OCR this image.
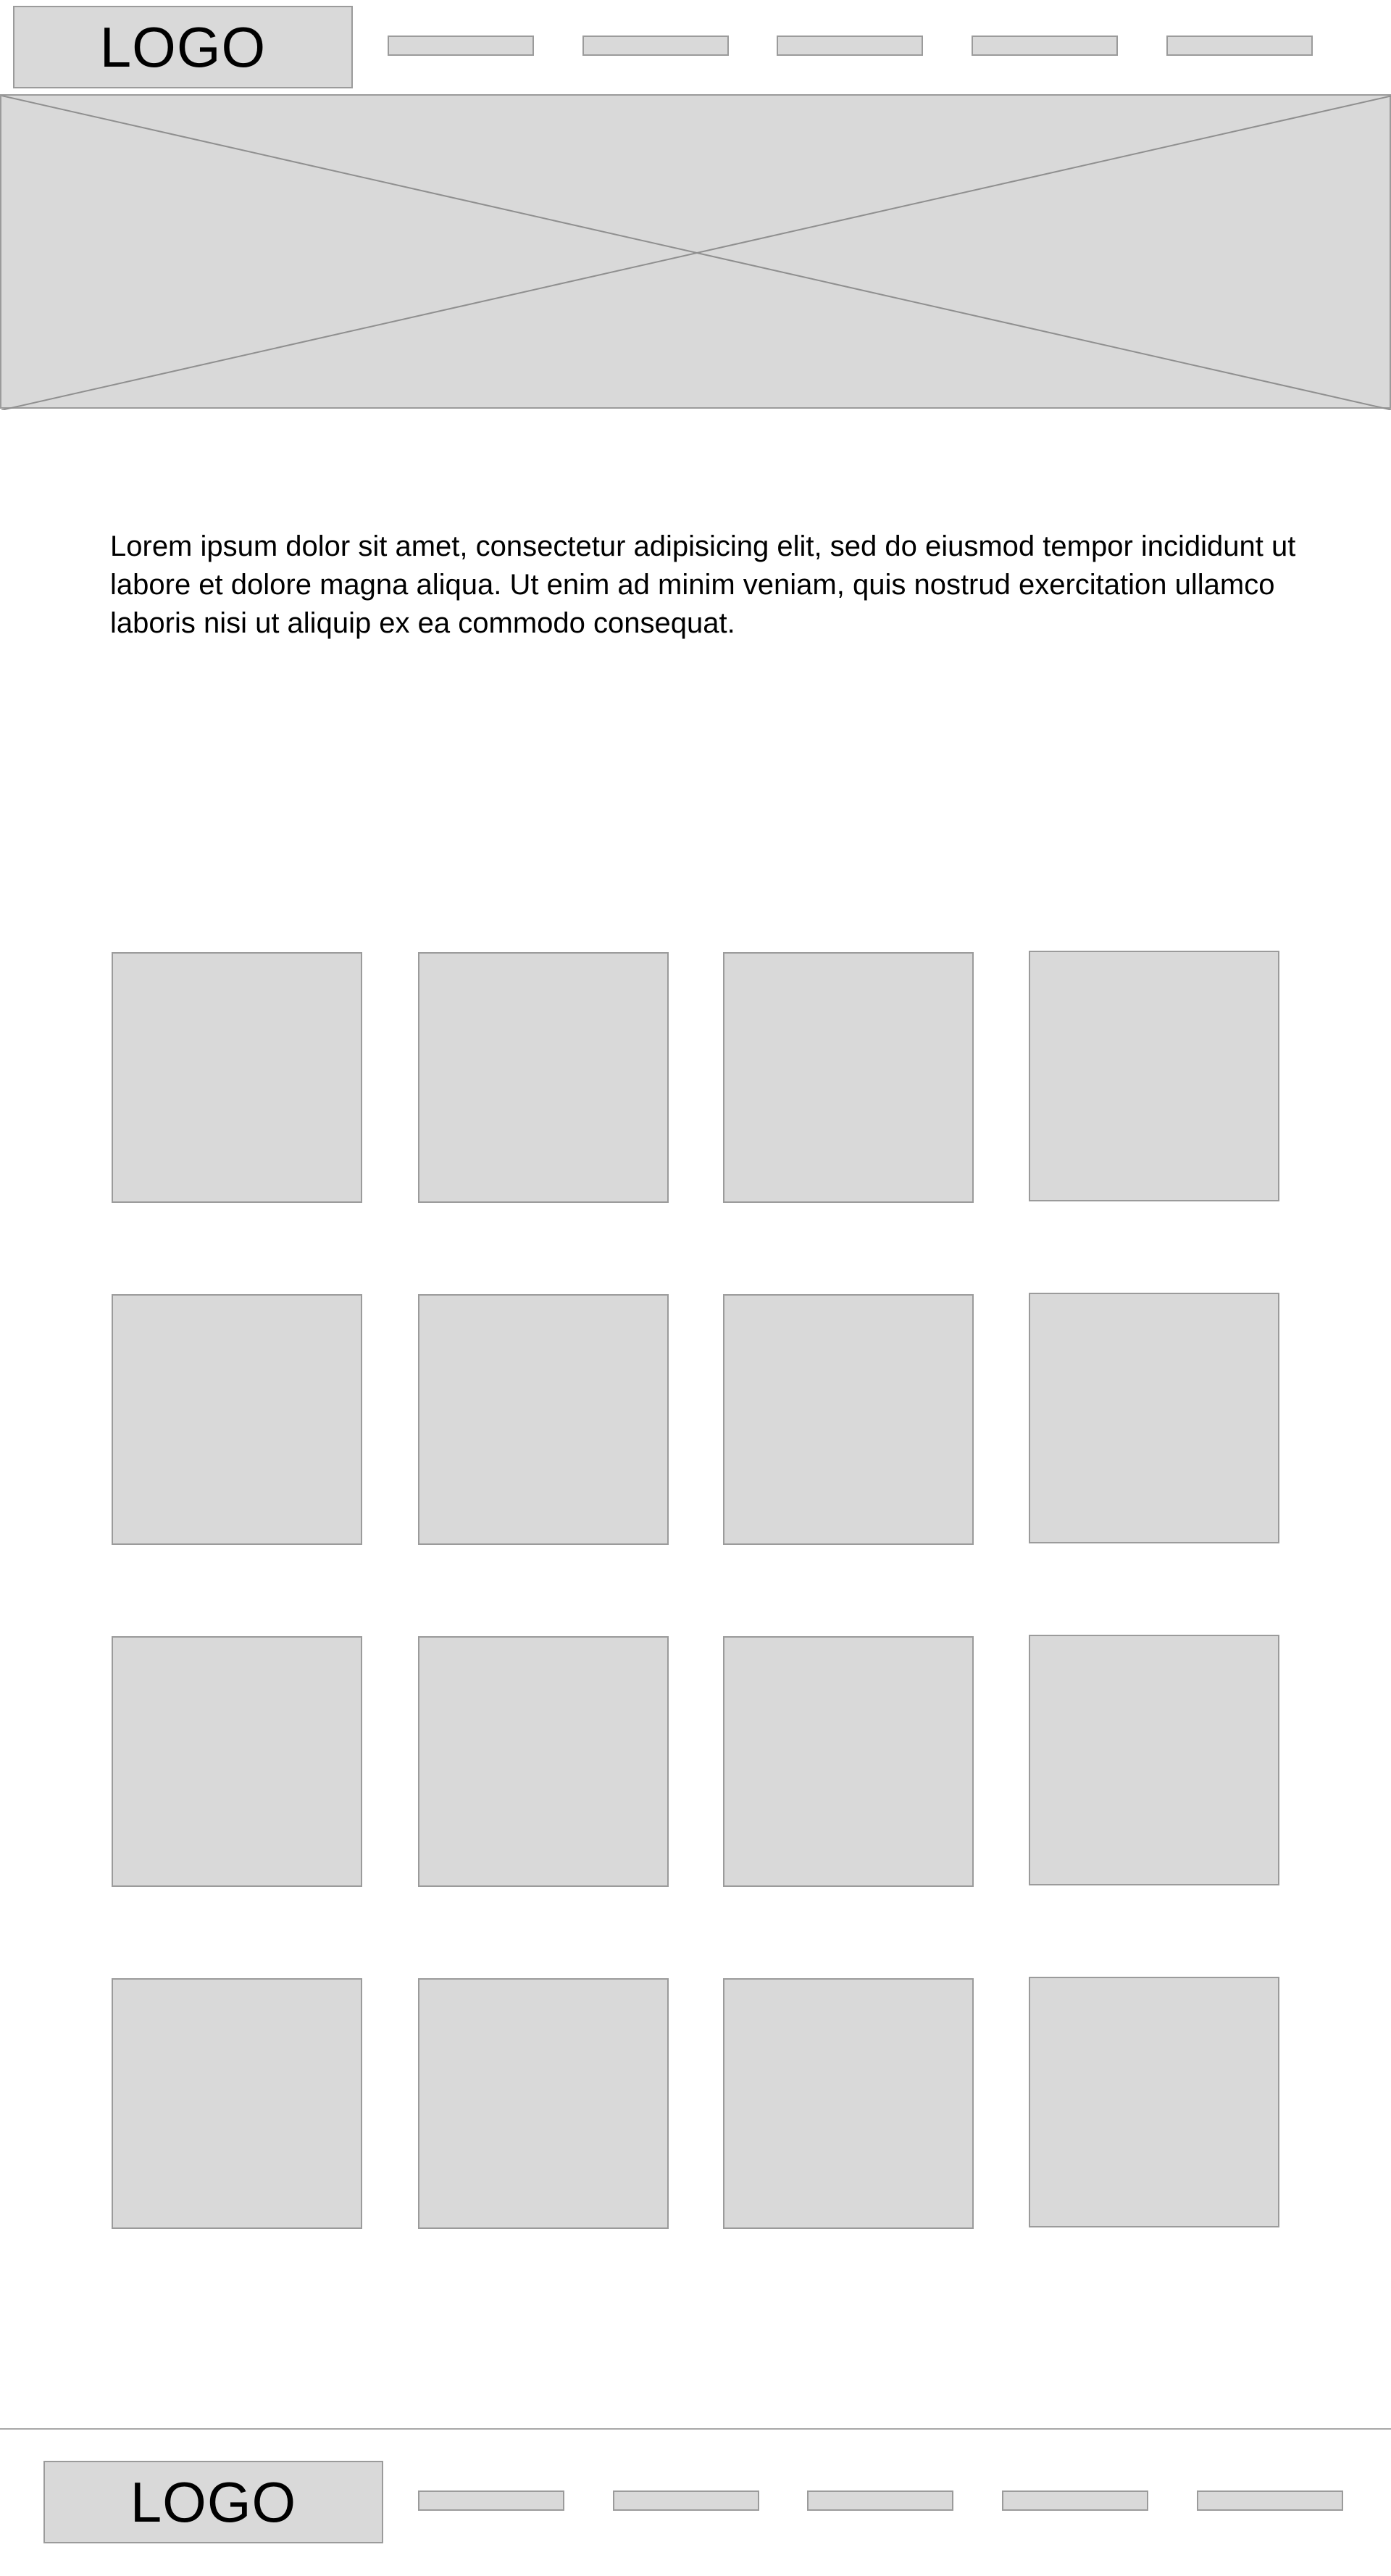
LOGO
Lorem ipsum dolor sit amet, consectetur adipisicing elit, sed do eiusmod tempor incididunt ut labore et dolore magna aliqua. Ut enim ad minim veniam, quis nostrud exercitation ullamco laboris nisi ut aliquip ex ea commodo consequat.
LOGO
